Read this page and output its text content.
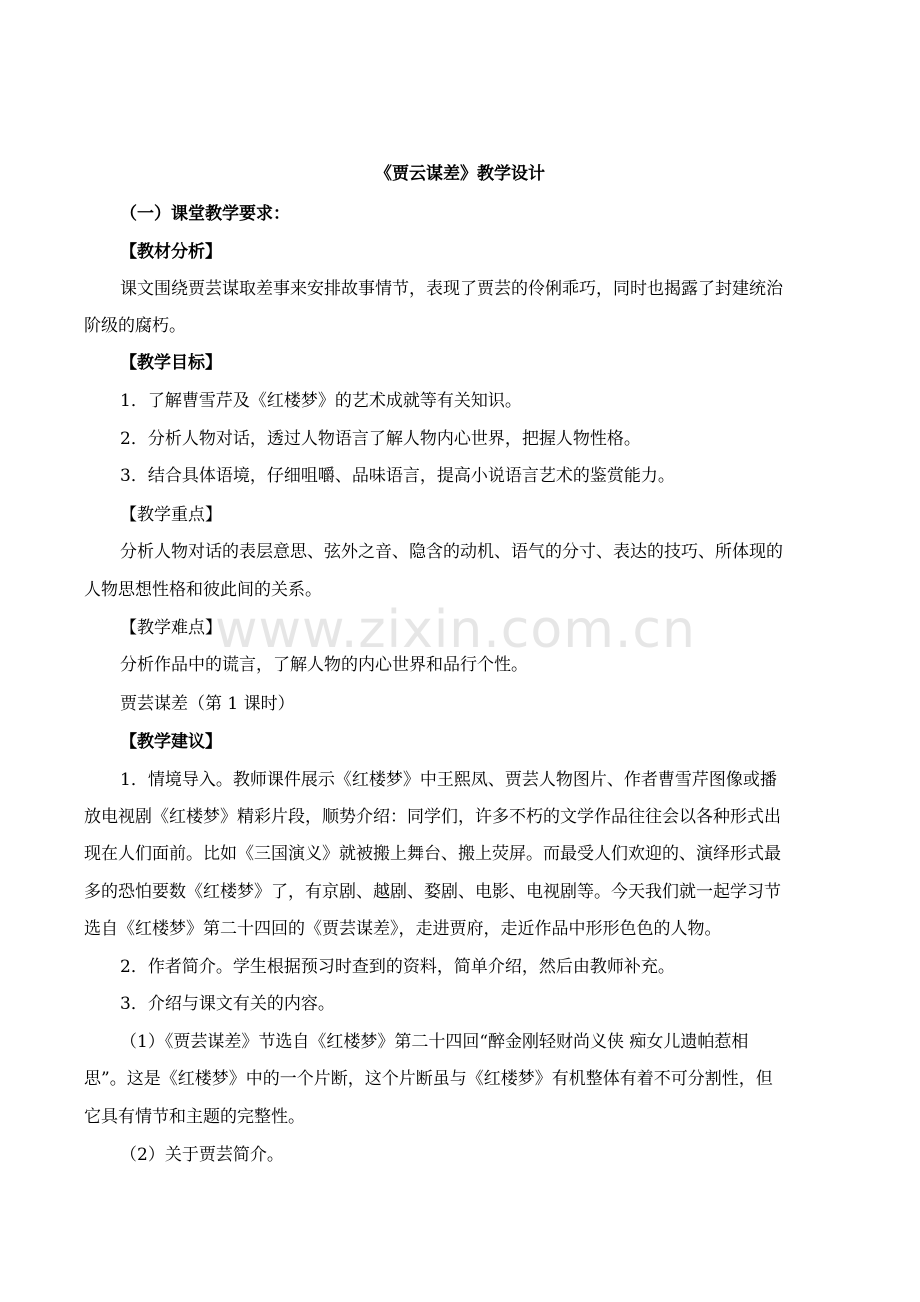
《贾云谋差》教学设计
（一）课堂教学要求：
【教材分析】
课文围绕贾芸谋取差事来安排故事情节，表现了贾芸的伶俐乖巧，同时也揭露了封建统治
阶级的腐朽。
【教学目标】
1．了解曹雪芹及《红楼梦》的艺术成就等有关知识。
2．分析人物对话，透过人物语言了解人物内心世界，把握人物性格。
3．结合具体语境，仔细咀嚼、品味语言，提高小说语言艺术的鉴赏能力。
【教学重点】
分析人物对话的表层意思、弦外之音、隐含的动机、语气的分寸、表达的技巧、所体现的
人物思想性格和彼此间的关系。
【教学难点】
分析作品中的谎言，了解人物的内心世界和品行个性。
贾芸谋差（第 1 课时）
【教学建议】
1．情境导入。教师课件展示《红楼梦》中王熙凤、贾芸人物图片、作者曹雪芹图像或播
放电视剧《红楼梦》精彩片段，顺势介绍：同学们，许多不朽的文学作品往往会以各种形式出
现在人们面前。比如《三国演义》就被搬上舞台、搬上荧屏。而最受人们欢迎的、演绎形式最
多的恐怕要数《红楼梦》了，有京剧、越剧、婺剧、电影、电视剧等。今天我们就一起学习节
选自《红楼梦》第二十四回的《贾芸谋差》，走进贾府，走近作品中形形色色的人物。
2．作者简介。学生根据预习时查到的资料，简单介绍，然后由教师补充。
3．介绍与课文有关的内容。
（1）《贾芸谋差》节选自《红楼梦》第二十四回“醉金刚轻财尚义侠 痴女儿遗帕惹相
思”。这是《红楼梦》中的一个片断，这个片断虽与《红楼梦》有机整体有着不可分割性，但
它具有情节和主题的完整性。
（2）关于贾芸简介。
www.zixin.com.cn
